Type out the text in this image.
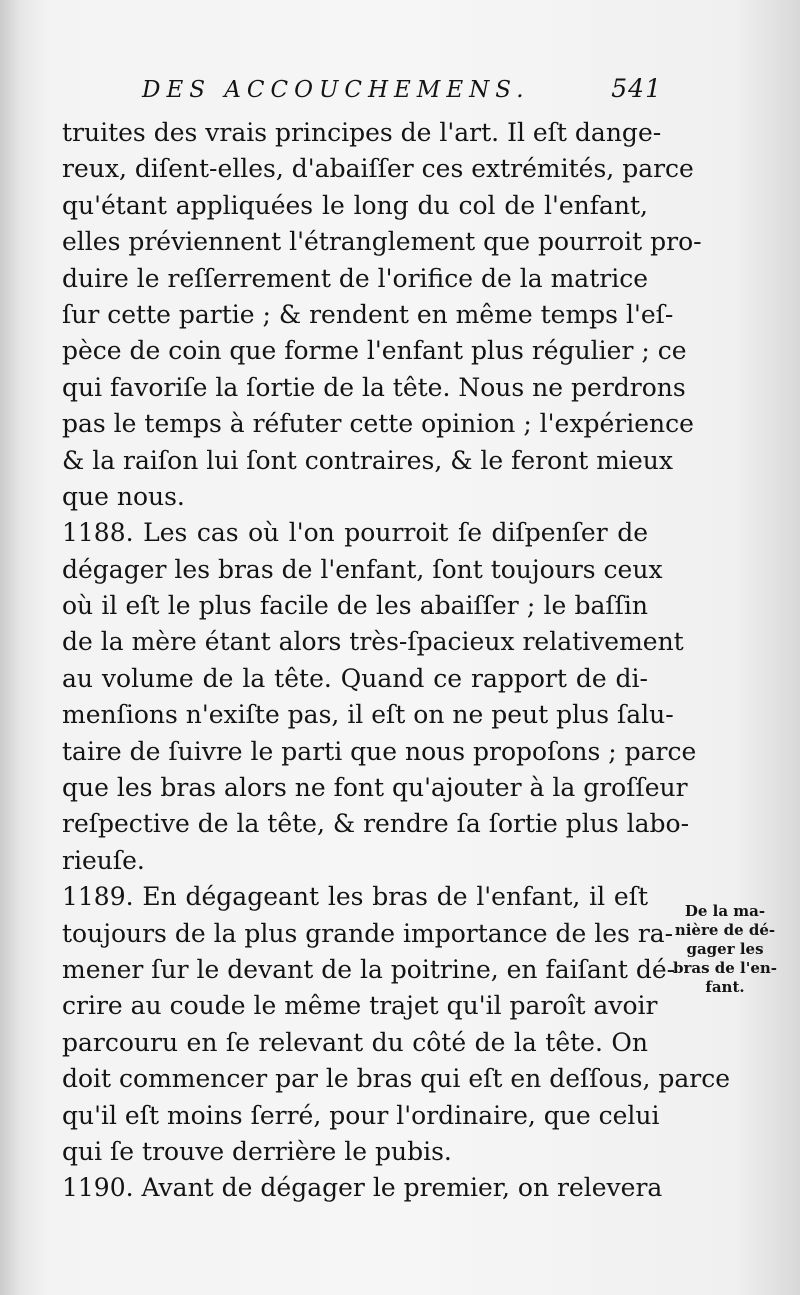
DES ACCOUCHEMENS.	541
truites des vrais principes de l'art. Il eſt dange-
reux, diſent-elles, d'abaiſſer ces extrémités, parce
qu'étant appliquées le long du col de l'enfant,
elles préviennent l'étranglement que pourroit pro-
duire le reſſerrement de l'orifice de la matrice
ſur cette partie ; & rendent en même temps l'eſ-
pèce de coin que forme l'enfant plus régulier ; ce
qui favoriſe la ſortie de la tête. Nous ne perdrons
pas le temps à réfuter cette opinion ; l'expérience
& la raiſon lui ſont contraires, & le feront mieux
que nous.
1188. Les cas où l'on pourroit ſe diſpenſer de
dégager les bras de l'enfant, ſont toujours ceux
où il eſt le plus facile de les abaiſſer ; le baſſin
de la mère étant alors très-ſpacieux relativement
au volume de la tête. Quand ce rapport de di-
menſions n'exiſte pas, il eſt on ne peut plus ſalu-
taire de ſuivre le parti que nous propoſons ; parce
que les bras alors ne font qu'ajouter à la groſſeur
reſpective de la tête, & rendre ſa ſortie plus labo-
rieuſe.
1189. En dégageant les bras de l'enfant, il eſt
toujours de la plus grande importance de les ra-
mener ſur le devant de la poitrine, en faiſant dé-
crire au coude le même trajet qu'il paroît avoir
parcouru en ſe relevant du côté de la tête. On
doit commencer par le bras qui eſt en deſſous, parce
qu'il eſt moins ſerré, pour l'ordinaire, que celui
qui ſe trouve derrière le pubis.
1190. Avant de dégager le premier, on relevera
De la ma-
nière de dé-
gager les
bras de l'en-
fant.
